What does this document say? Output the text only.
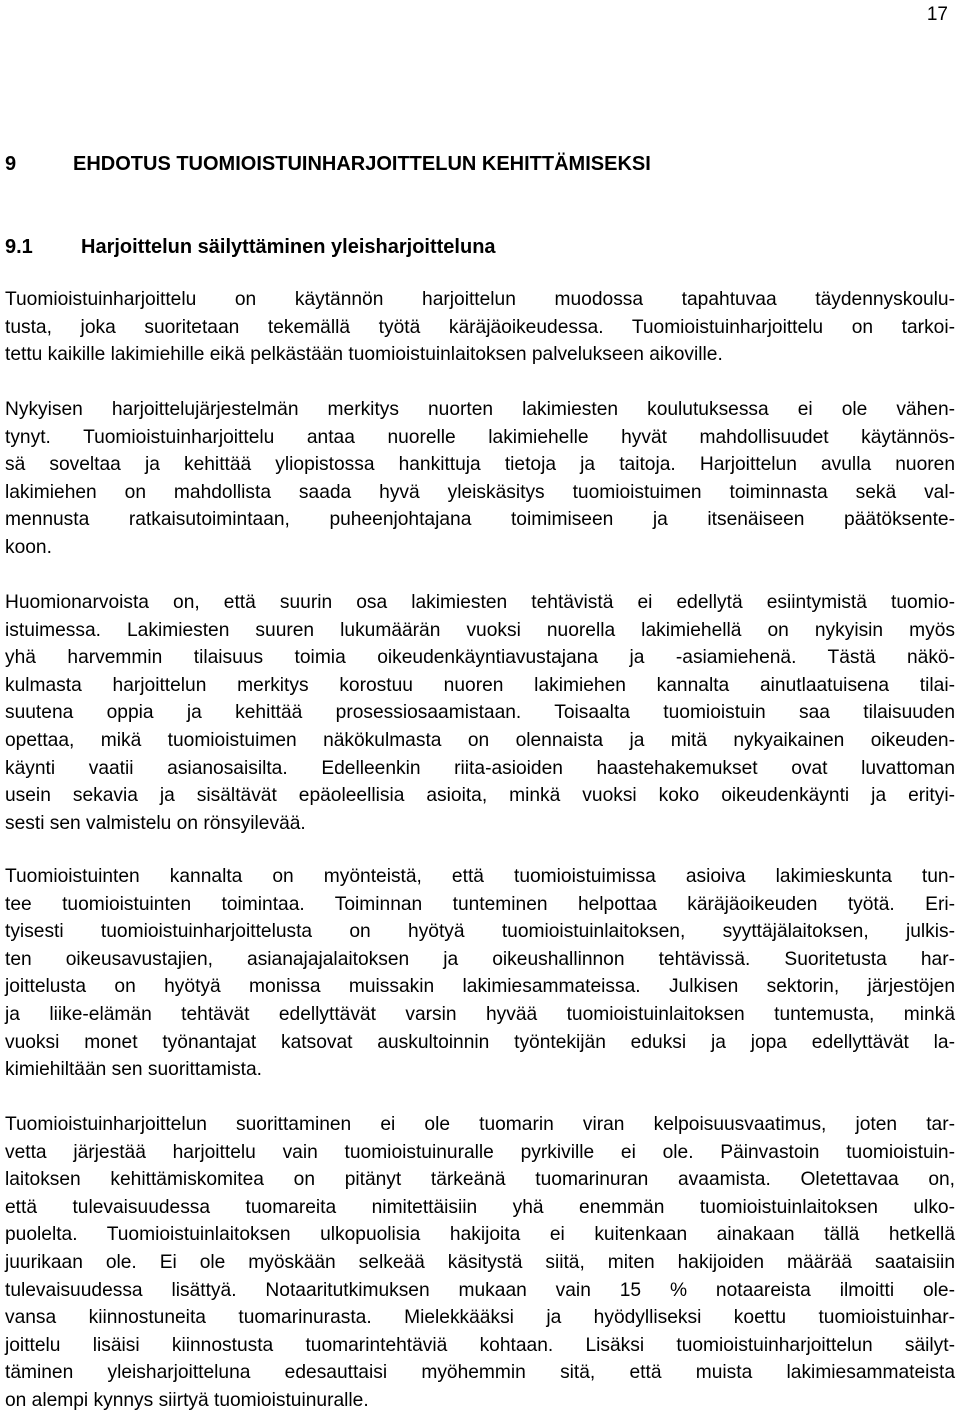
17
9	EHDOTUS TUOMIOISTUINHARJOITTELUN KEHITTÄMISEKSI
9.1 Harjoittelun säilyttäminen yleisharjoitteluna
Tuomioistuinharjoittelu on käytännön harjoittelun muodossa tapahtuvaa täydennyskoulu-
tusta, joka suoritetaan tekemällä työtä käräjäoikeudessa. Tuomioistuinharjoittelu on tarkoi-
tettu kaikille lakimiehille eikä pelkästään tuomioistuinlaitoksen palvelukseen aikoville.
Nykyisen harjoittelujärjestelmän merkitys nuorten lakimiesten koulutuksessa ei ole vähen-
tynyt. Tuomioistuinharjoittelu antaa nuorelle lakimiehelle hyvät mahdollisuudet käytännös-
sä soveltaa ja kehittää yliopistossa hankittuja tietoja ja taitoja. Harjoittelun avulla nuoren
lakimiehen on mahdollista saada hyvä yleiskäsitys tuomioistuimen toiminnasta sekä val-
mennusta ratkaisutoimintaan, puheenjohtajana toimimiseen ja itsenäiseen päätöksente-
koon.
Huomionarvoista on, että suurin osa lakimiesten tehtävistä ei edellytä esiintymistä tuomio-
istuimessa. Lakimiesten suuren lukumäärän vuoksi nuorella lakimiehellä on nykyisin myös
yhä harvemmin tilaisuus toimia oikeudenkäyntiavustajana ja -asiamiehenä. Tästä näkö-
kulmasta harjoittelun merkitys korostuu nuoren lakimiehen kannalta ainutlaatuisena tilai-
suutena oppia ja kehittää prosessiosaamistaan. Toisaalta tuomioistuin saa tilaisuuden
opettaa, mikä tuomioistuimen näkökulmasta on olennaista ja mitä nykyaikainen oikeuden-
käynti vaatii asianosaisilta. Edelleenkin riita-asioiden haastehakemukset ovat luvattoman
usein sekavia ja sisältävät epäoleellisia asioita, minkä vuoksi koko oikeudenkäynti ja erityi-
sesti sen valmistelu on rönsyilevää.
Tuomioistuinten kannalta on myönteistä, että tuomioistuimissa asioiva lakimieskunta tun-
tee tuomioistuinten toimintaa. Toiminnan tunteminen helpottaa käräjäoikeuden työtä. Eri-
tyisesti tuomioistuinharjoittelusta on hyötyä tuomioistuinlaitoksen, syyttäjälaitoksen, julkis-
ten oikeusavustajien, asianajajalaitoksen ja oikeushallinnon tehtävissä. Suoritetusta har-
joittelusta on hyötyä monissa muissakin lakimiesammateissa. Julkisen sektorin, järjestöjen
ja liike-elämän tehtävät edellyttävät varsin hyvää tuomioistuinlaitoksen tuntemusta, minkä
vuoksi monet työnantajat katsovat auskultoinnin työntekijän eduksi ja jopa edellyttävät la-
kimiehiltään sen suorittamista.
Tuomioistuinharjoittelun suorittaminen ei ole tuomarin viran kelpoisuusvaatimus, joten tar-
vetta järjestää harjoittelu vain tuomioistuinuralle pyrkiville ei ole. Päinvastoin tuomioistuin-
laitoksen kehittämiskomitea on pitänyt tärkeänä tuomarinuran avaamista. Oletettavaa on,
että tulevaisuudessa tuomareita nimitettäisiin yhä enemmän tuomioistuinlaitoksen ulko-
puolelta. Tuomioistuinlaitoksen ulkopuolisia hakijoita ei kuitenkaan ainakaan tällä hetkellä
juurikaan ole. Ei ole myöskään selkeää käsitystä siitä, miten hakijoiden määrää saataisiin
tulevaisuudessa lisättyä. Notaaritutkimuksen mukaan vain 15 % notaareista ilmoitti ole-
vansa kiinnostuneita tuomarinurasta. Mielekkääksi ja hyödylliseksi koettu tuomioistuinhar-
joittelu lisäisi kiinnostusta tuomarintehtäviä kohtaan. Lisäksi tuomioistuinharjoittelun säilyt-
täminen yleisharjoitteluna edesauttaisi myöhemmin sitä, että muista lakimiesammateista
on alempi kynnys siirtyä tuomioistuinuralle.
